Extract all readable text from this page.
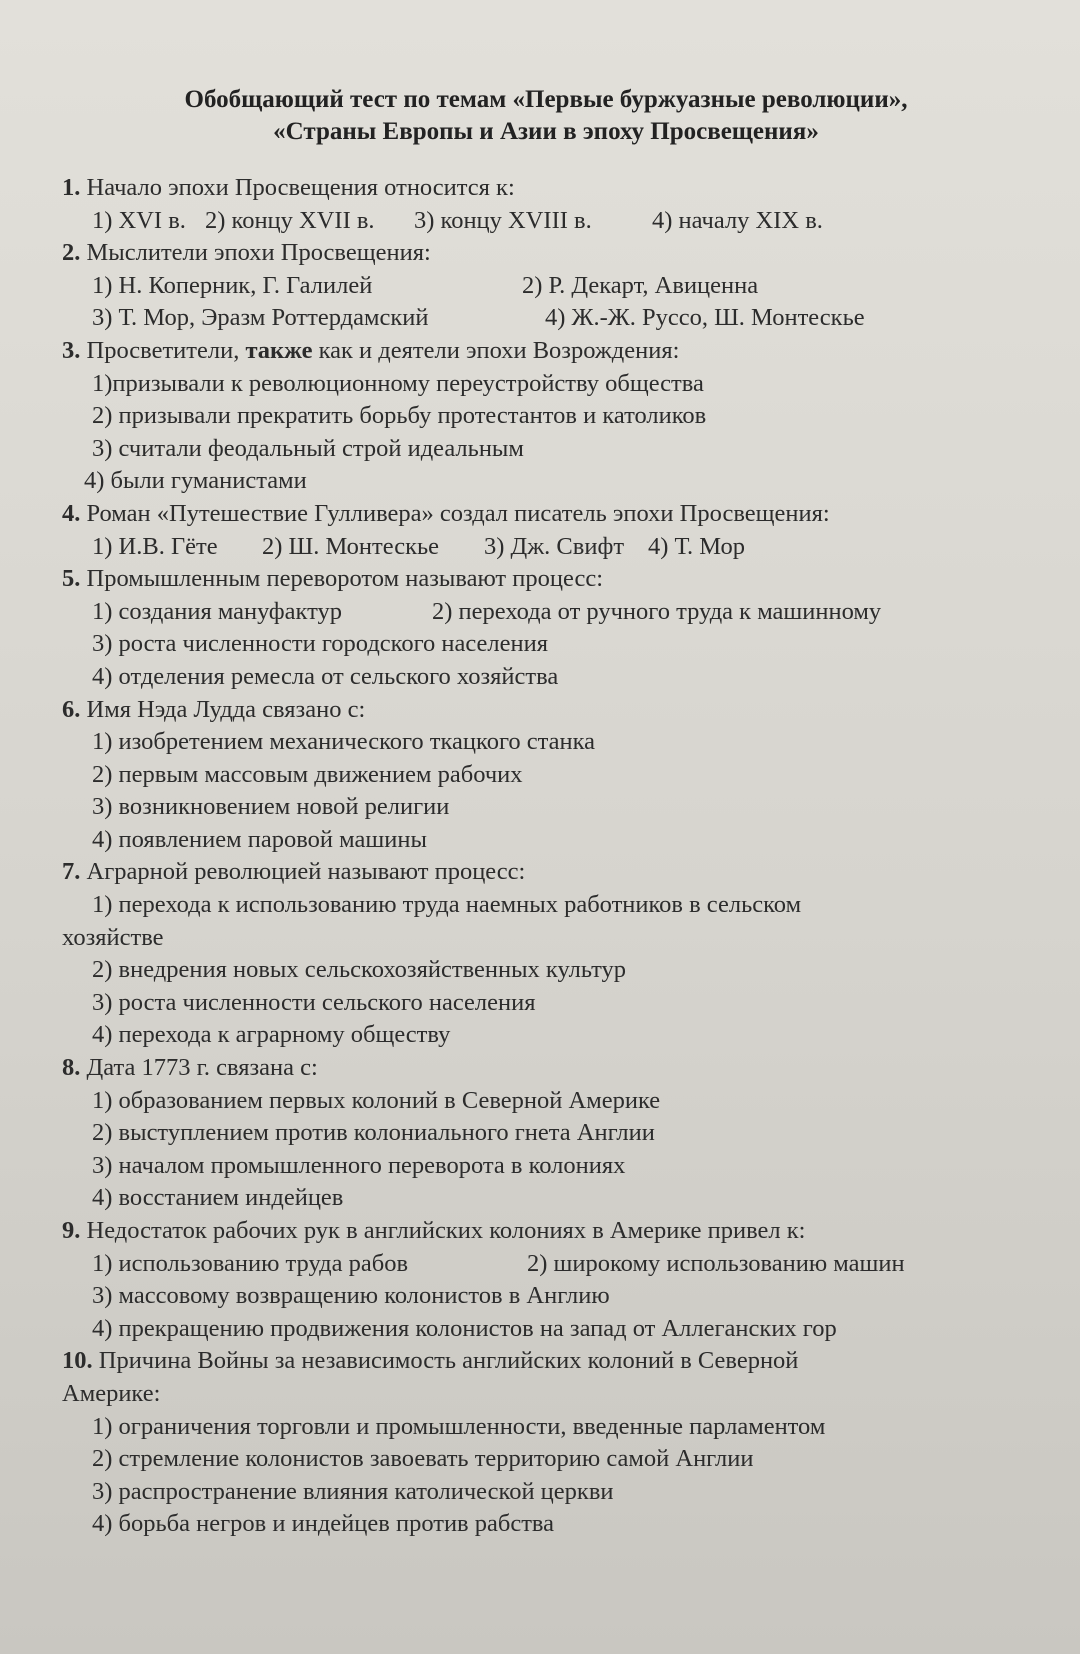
Обобщающий тест по темам «Первые буржуазные революции»,
«Страны Европы и Азии в эпоху Просвещения»
1. Начало эпохи Просвещения относится к:
1) XVI в. 2) концу XVII в.	3) концу XVIII в.	4) началу XIX в.
2. Мыслители эпохи Просвещения:
1) Н. Коперник, Г. Галилей	2) Р. Декарт, Авиценна
3) Т. Мор, Эразм Роттердамский	4) Ж.-Ж. Руссо, Ш. Монтескье
3. Просветители, также как и деятели эпохи Возрождения:
1)призывали к революционному переустройству общества
2) призывали прекратить борьбу протестантов и католиков
3) считали феодальный строй идеальным
4) были гуманистами
4. Роман «Путешествие Гулливера» создал писатель эпохи Просвещения:
1) И.В. Гёте	2) Ш. Монтескье	3) Дж. Свифт 4) Т. Мор
5. Промышленным переворотом называют процесс:
1) создания мануфактур	2) перехода от ручного труда к машинному
3) роста численности городского населения
4) отделения ремесла от сельского хозяйства
6. Имя Нэда Лудда связано с:
1) изобретением механического ткацкого станка
2) первым массовым движением рабочих
3) возникновением новой религии
4) появлением паровой машины
7. Аграрной революцией называют процесс:
1) перехода к использованию труда наемных работников в сельском
хозяйстве
2) внедрения новых сельскохозяйственных культур
3) роста численности сельского населения
4) перехода к аграрному обществу
8. Дата 1773 г. связана с:
1) образованием первых колоний в Северной Америке
2) выступлением против колониального гнета Англии
3) началом промышленного переворота в колониях
4) восстанием индейцев
9. Недостаток рабочих рук в английских колониях в Америке привел к:
1) использованию труда рабов	2) широкому использованию машин
3) массовому возвращению колонистов в Англию
4) прекращению продвижения колонистов на запад от Аллеганских гор
10. Причина Войны за независимость английских колоний в Северной
Америке:
1) ограничения торговли и промышленности, введенные парламентом
2) стремление колонистов завоевать территорию самой Англии
3) распространение влияния католической церкви
4) борьба негров и индейцев против рабства
